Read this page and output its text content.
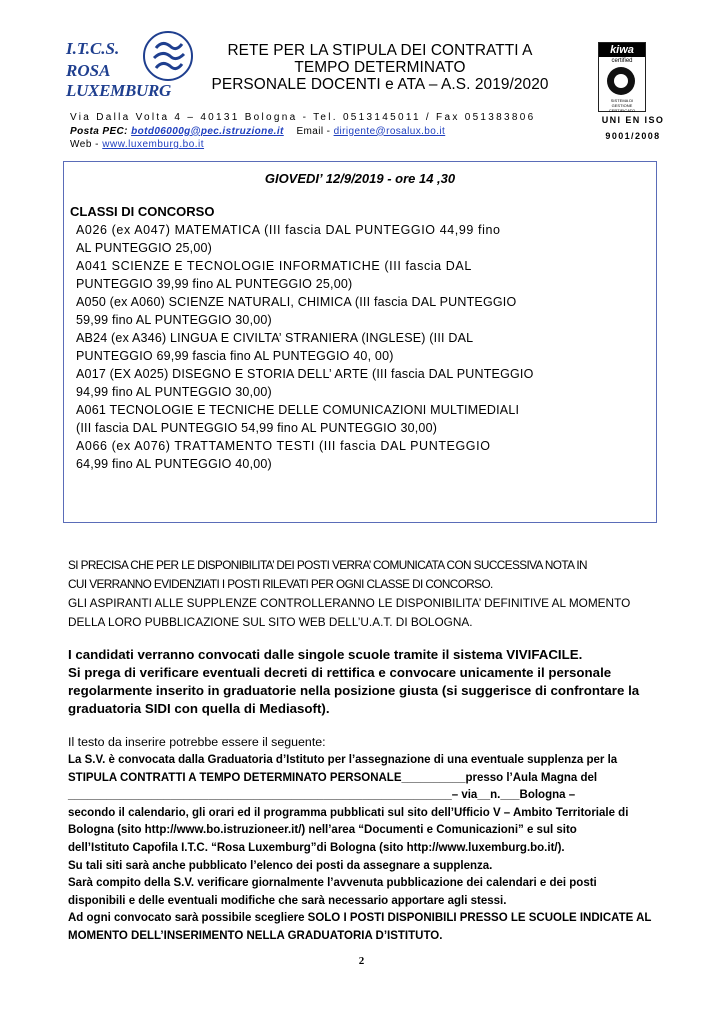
I.T.C.S.
ROSA
LUXEMBURG
RETE PER LA STIPULA DEI CONTRATTI A
TEMPO DETERMINATO
PERSONALE DOCENTI e ATA – A.S. 2019/2020
kiwa
certified
SISTEMA DI GESTIONE CERTIFICATO
Via Dalla Volta 4 – 40131 Bologna - Tel. 0513145011 / Fax 051383806
Posta PEC: botd06000g@pec.istruzione.it Email - dirigente@rosalux.bo.it
Web - www.luxemburg.bo.it
UNI EN ISO
9001/2008
GIOVEDI’ 12/9/2019 - ore 14 ,30
CLASSI DI CONCORSO
A026 (ex A047) MATEMATICA (III fascia DAL PUNTEGGIO 44,99 fino
AL PUNTEGGIO 25,00)
A041 SCIENZE E TECNOLOGIE INFORMATICHE (III fascia DAL
PUNTEGGIO 39,99 fino AL PUNTEGGIO 25,00)
A050 (ex A060) SCIENZE NATURALI, CHIMICA (III fascia DAL PUNTEGGIO
59,99 fino AL PUNTEGGIO 30,00)
AB24 (ex A346) LINGUA E CIVILTA’ STRANIERA (INGLESE) (III DAL
PUNTEGGIO 69,99 fascia fino AL PUNTEGGIO 40, 00)
A017 (EX A025) DISEGNO E STORIA DELL’ ARTE (III fascia DAL PUNTEGGIO
94,99 fino AL PUNTEGGIO 30,00)
A061 TECNOLOGIE E TECNICHE DELLE COMUNICAZIONI MULTIMEDIALI
(III fascia DAL PUNTEGGIO 54,99 fino AL PUNTEGGIO 30,00)
A066 (ex A076) TRATTAMENTO TESTI (III fascia DAL PUNTEGGIO
64,99 fino AL PUNTEGGIO 40,00)
SI PRECISA CHE PER LE DISPONIBILITA’ DEI POSTI VERRA’ COMUNICATA CON SUCCESSIVA NOTA IN
CUI VERRANNO EVIDENZIATI I POSTI RILEVATI PER OGNI CLASSE DI CONCORSO.
GLI ASPIRANTI ALLE SUPPLENZE CONTROLLERANNO LE DISPONIBILITA’ DEFINITIVE AL MOMENTO
DELLA LORO PUBBLICAZIONE SUL SITO WEB DELL’U.A.T. DI BOLOGNA.
I candidati verranno convocati dalle singole scuole tramite il sistema VIVIFACILE.
Si prega di verificare eventuali decreti di rettifica e convocare unicamente il personale
regolarmente inserito in graduatorie nella posizione giusta (si suggerisce di confrontare la
graduatoria SIDI con quella di Mediasoft).
Il testo da inserire potrebbe essere il seguente:
La S.V. è convocata dalla Graduatoria d’Istituto per l’assegnazione di una eventuale supplenza per la
STIPULA CONTRATTI A TEMPO DETERMINATO PERSONALE__________presso l’Aula Magna del
____________________________________________________________– via__n.___Bologna –
secondo il calendario, gli orari ed il programma pubblicati sul sito dell’Ufficio V – Ambito Territoriale di
Bologna (sito http://www.bo.istruzioneer.it/) nell’area “Documenti e Comunicazioni” e sul sito
dell’Istituto Capofila I.T.C. “Rosa Luxemburg”di Bologna (sito http://www.luxemburg.bo.it/).
Su tali siti sarà anche pubblicato l’elenco dei posti da assegnare a supplenza.
Sarà compito della S.V. verificare giornalmente l’avvenuta pubblicazione dei calendari e dei posti
disponibili e delle eventuali modifiche che sarà necessario apportare agli stessi.
Ad ogni convocato sarà possibile scegliere SOLO I POSTI DISPONIBILI PRESSO LE SCUOLE INDICATE AL
MOMENTO DELL’INSERIMENTO NELLA GRADUATORIA D’ISTITUTO.
2
